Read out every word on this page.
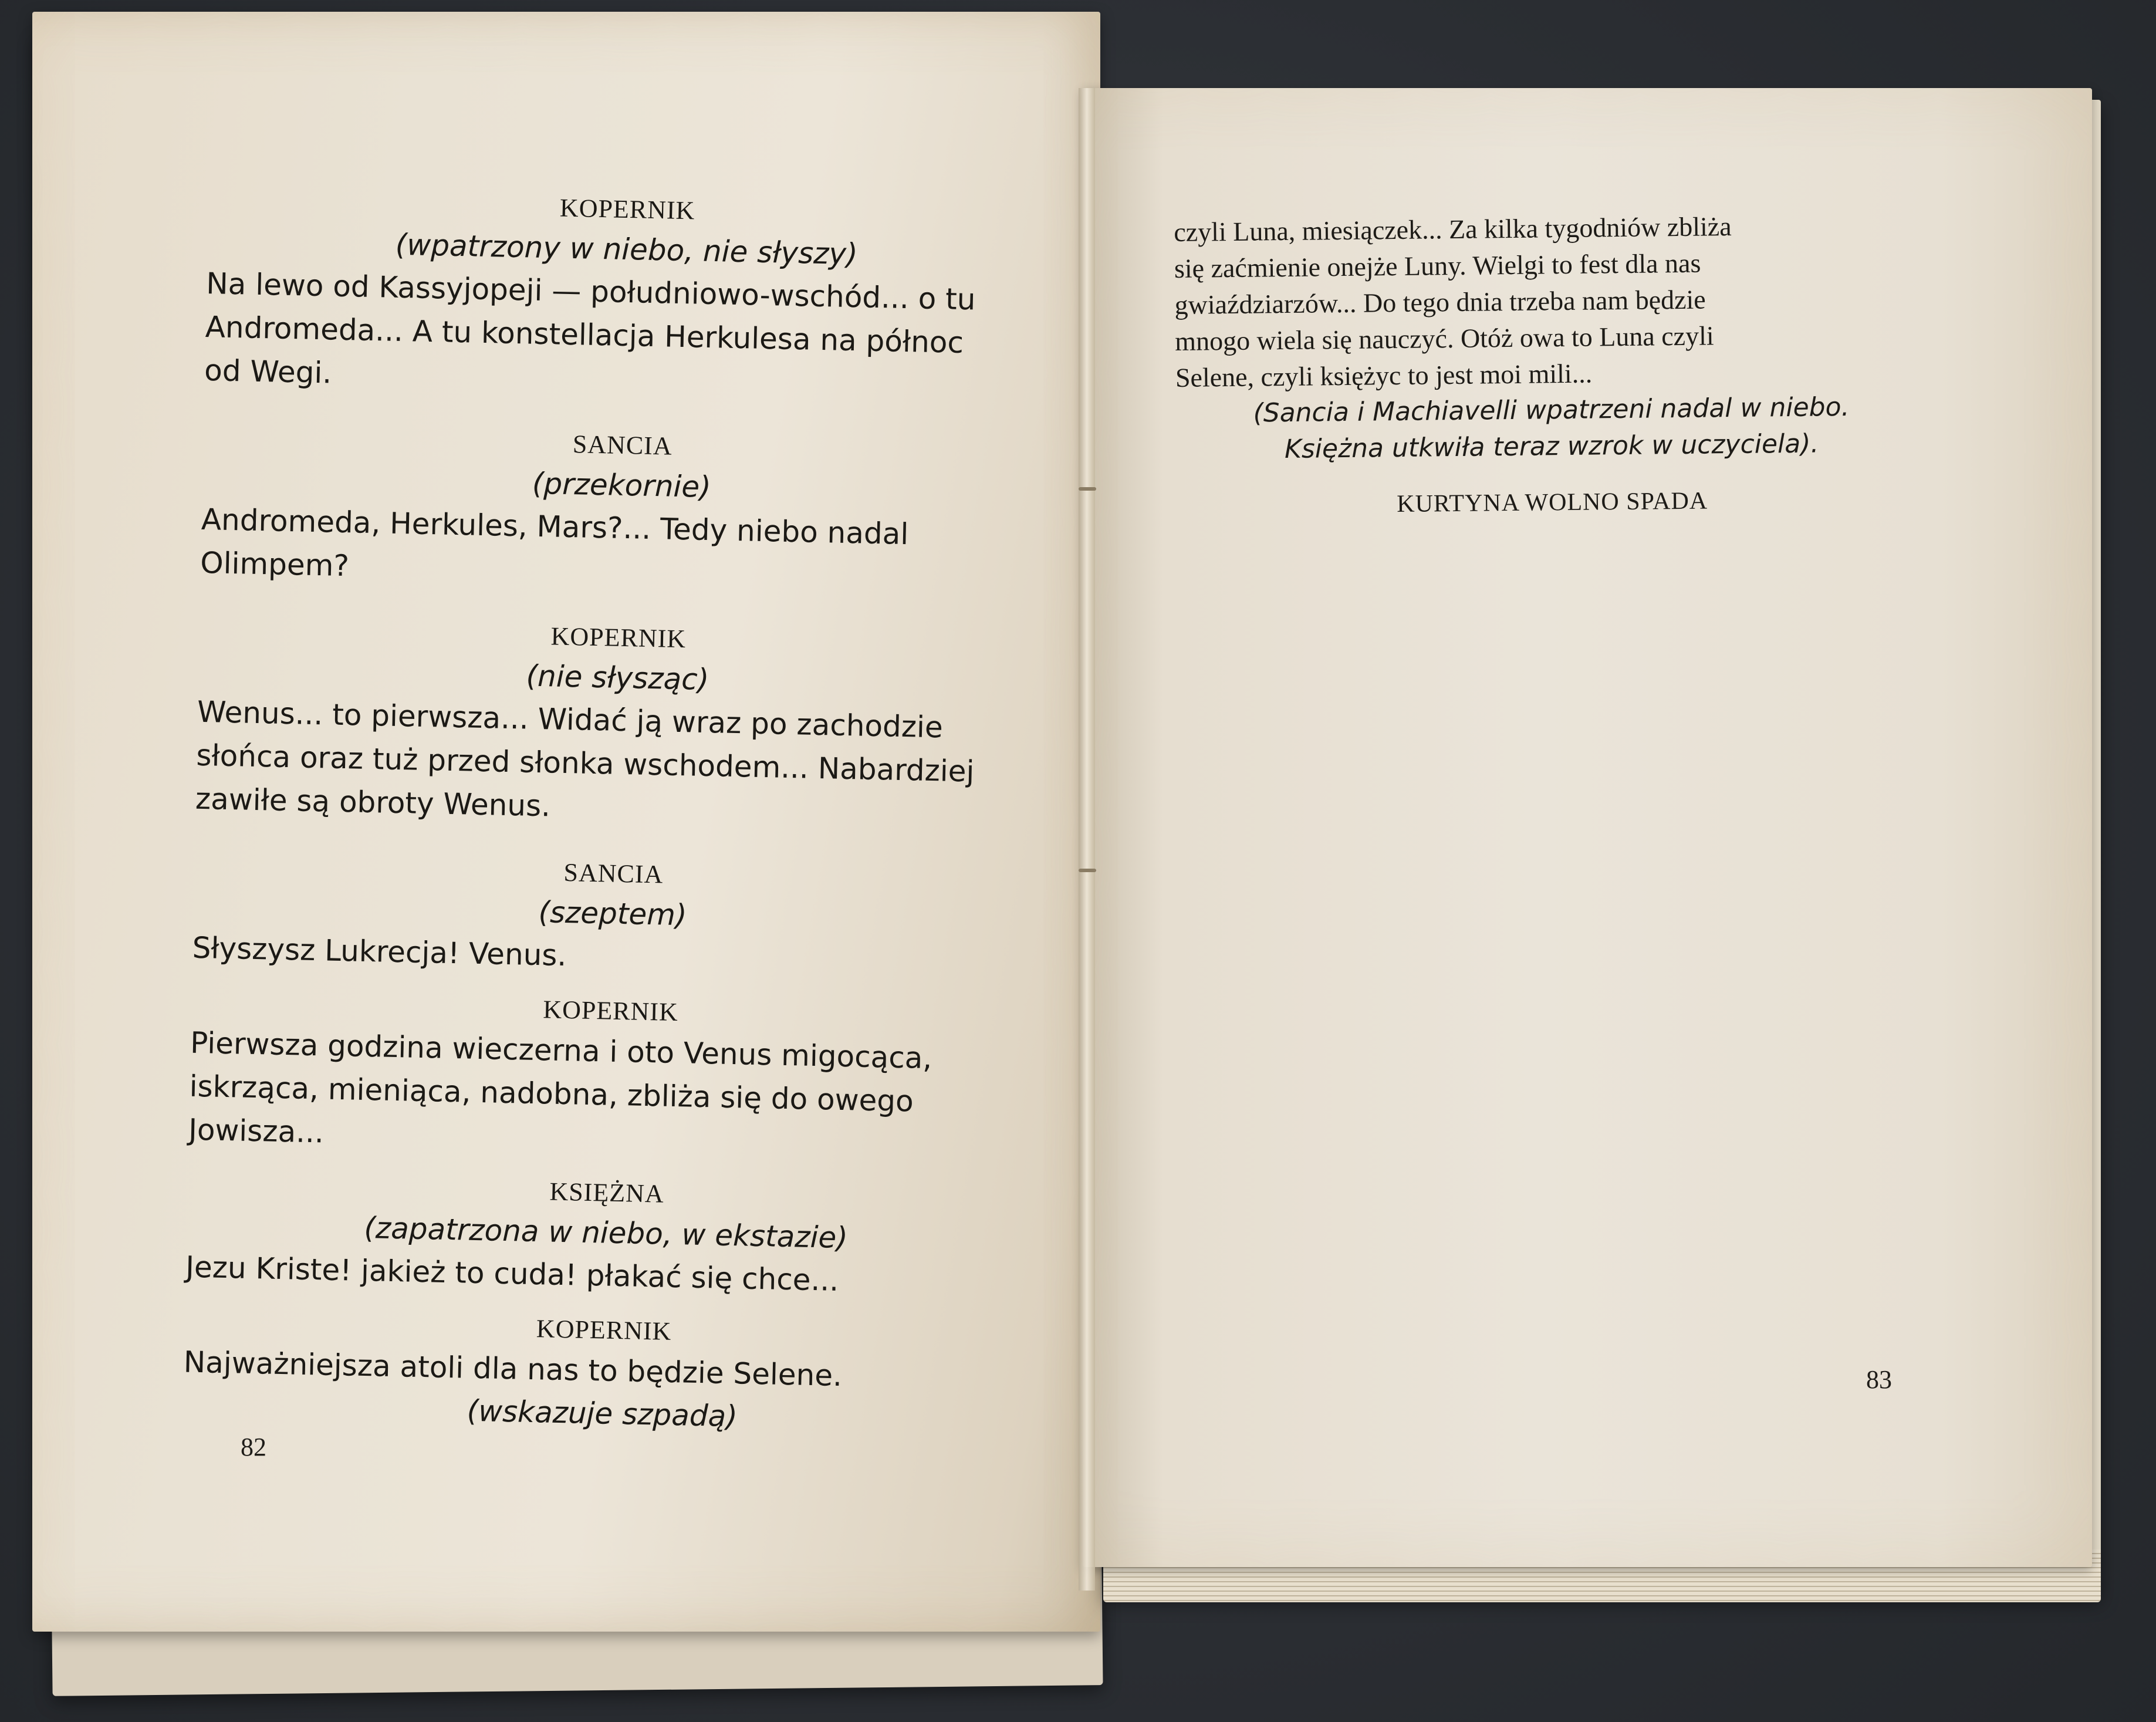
KOPERNIK

(wpatrzony w niebo, nie słyszy)

Na lewo od Kassyjopeji — południowo-wschód... o tu

Andromeda... A tu konstellacja Herkulesa na północ

od Wegi.

SANCIA

(przekornie)

Andromeda, Herkules, Mars?... Tedy niebo nadal

Olimpem?

KOPERNIK

(nie słysząc)

Wenus... to pierwsza... Widać ją wraz po zachodzie

słońca oraz tuż przed słonka wschodem... Nabardziej

zawiłe są obroty Wenus.

SANCIA

(szeptem)

Słyszysz Lukrecja! Venus.

KOPERNIK

Pierwsza godzina wieczerna i oto Venus migocąca,

iskrząca, mieniąca, nadobna, zbliża się do owego

Jowisza...

KSIĘŻNA

(zapatrzona w niebo, w ekstazie)

Jezu Kriste! jakież to cuda! płakać się chce...

KOPERNIK

Najważniejsza atoli dla nas to będzie Selene.

(wskazuje szpadą)

82

czyli Luna, miesiączek... Za kilka tygodniów zbliża

się zaćmienie onejże Luny. Wielgi to fest dla nas

gwiaździarzów... Do tego dnia trzeba nam będzie

mnogo wiela się nauczyć. Otóż owa to Luna czyli

Selene, czyli księżyc to jest moi mili...

(Sancia i Machiavelli wpatrzeni nadal w niebo.

Księżna utkwiła teraz wzrok w uczyciela).

KURTYNA WOLNO SPADA

83
